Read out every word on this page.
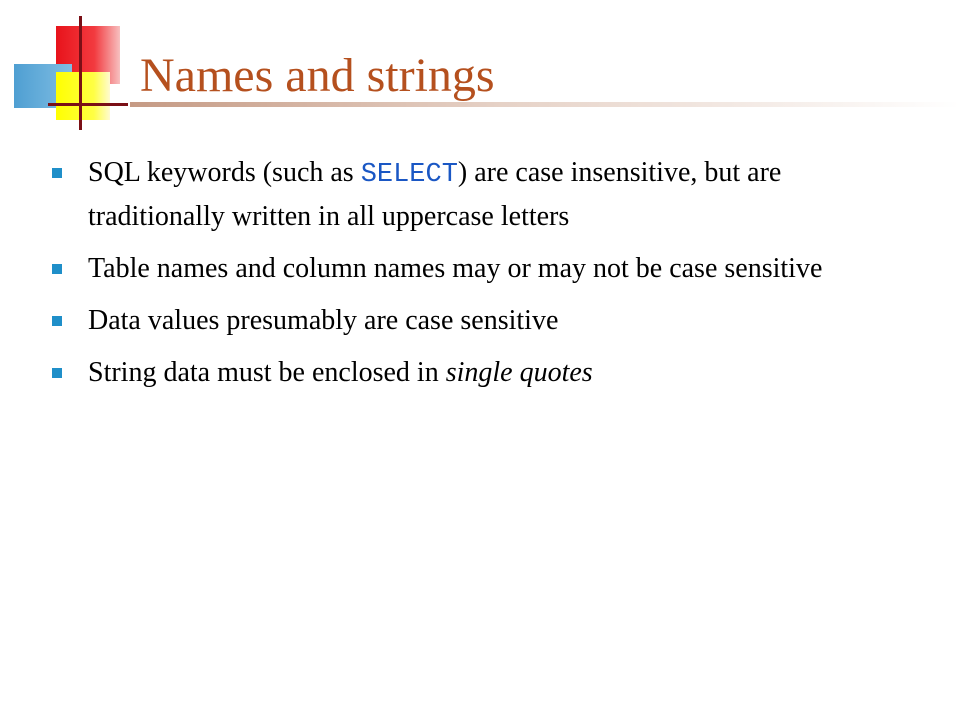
Names and strings
SQL keywords (such as SELECT) are case insensitive, but are traditionally written in all uppercase letters
Table names and column names may or may not be case sensitive
Data values presumably are case sensitive
String data must be enclosed in single quotes
